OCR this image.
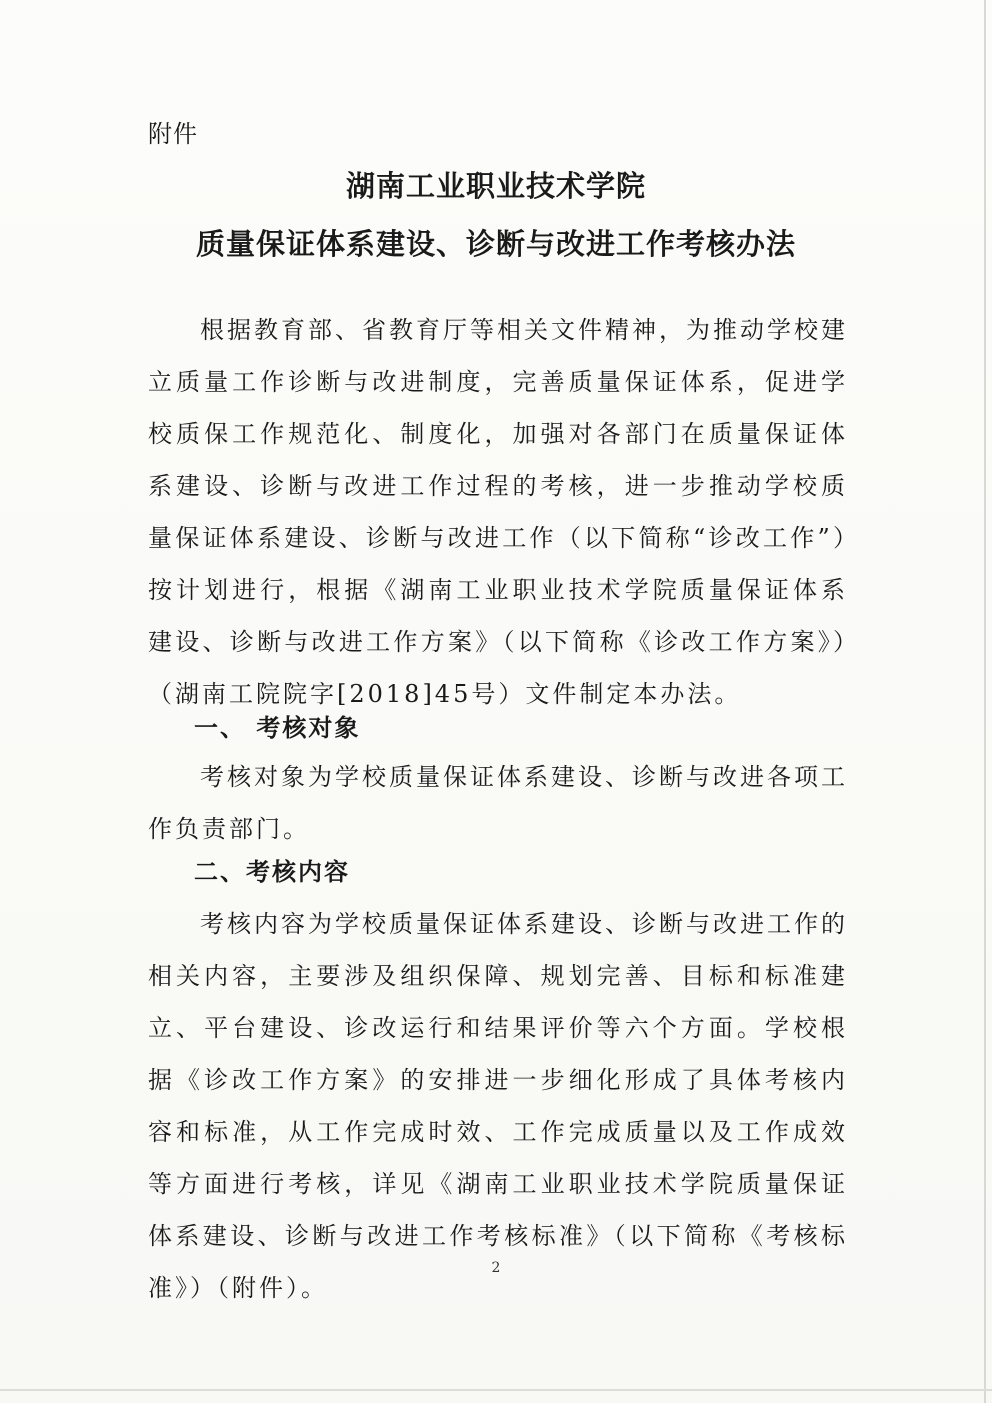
附件
湖南工业职业技术学院
质量保证体系建设、诊断与改进工作考核办法

根据教育部、省教育厅等相关文件精神，为推动学校建立质量工作诊断与改进制度，完善质量保证体系，促进学校质保工作规范化、制度化，加强对各部门在质量保证体系建设、诊断与改进工作过程的考核，进一步推动学校质量保证体系建设、诊断与改进工作（以下简称“诊改工作”）按计划进行，根据《湖南工业职业技术学院质量保证体系建设、诊断与改进工作方案》（以下简称《诊改工作方案》）（湖南工院院字[2018]45号）文件制定本办法。

一、 考核对象

考核对象为学校质量保证体系建设、诊断与改进各项工作负责部门。

二、考核内容

考核内容为学校质量保证体系建设、诊断与改进工作的相关内容，主要涉及组织保障、规划完善、目标和标准建立、平台建设、诊改运行和结果评价等六个方面。学校根据《诊改工作方案》的安排进一步细化形成了具体考核内容和标准，从工作完成时效、工作完成质量以及工作成效等方面进行考核，详见《湖南工业职业技术学院质量保证体系建设、诊断与改进工作考核标准》（以下简称《考核标准》）（附件）。

2
